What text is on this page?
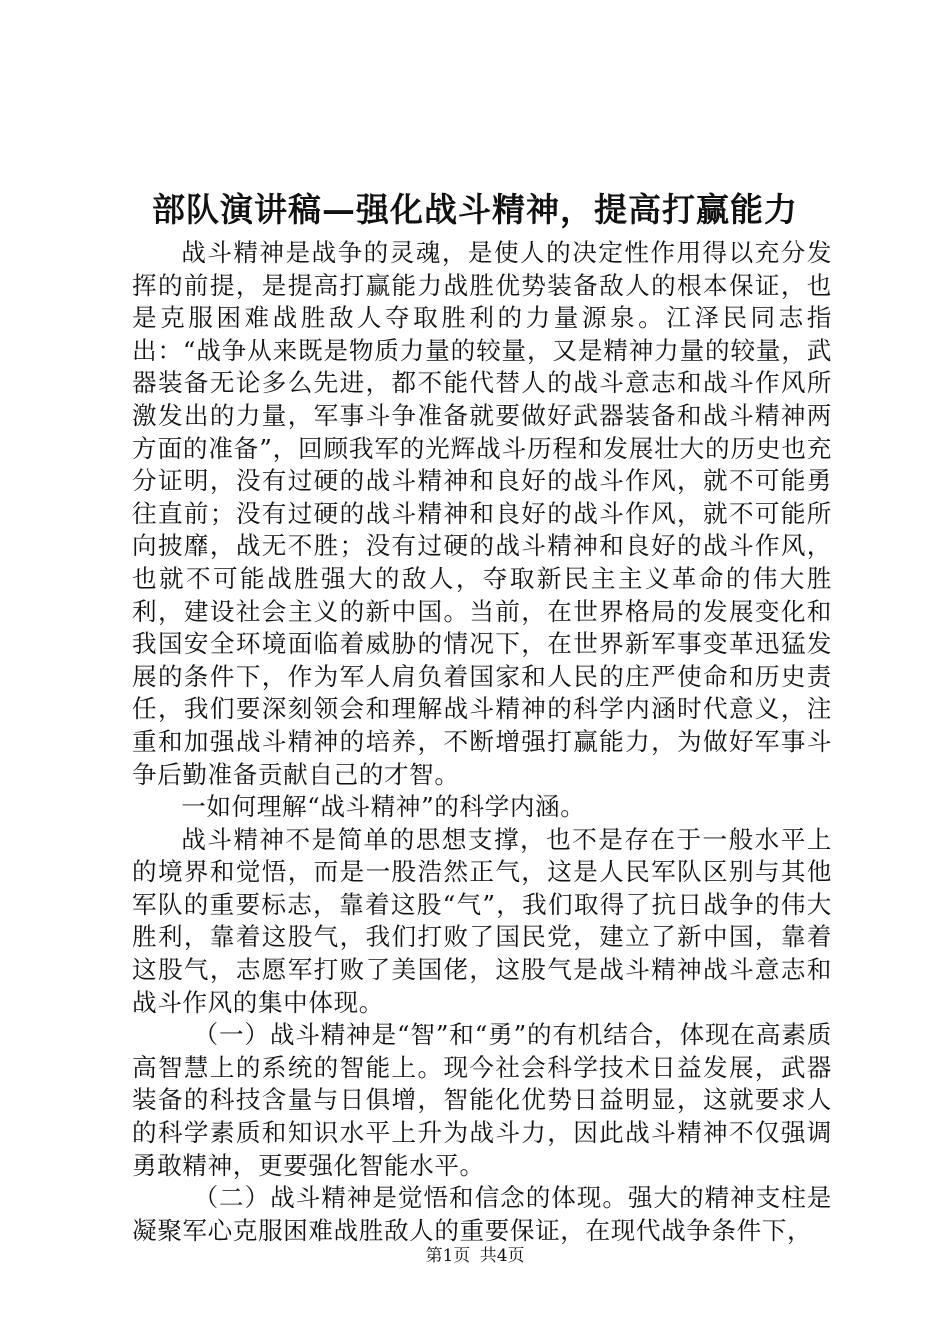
部队演讲稿—强化战斗精神，提高打赢能力

战斗精神是战争的灵魂，是使人的决定性作用得以充分发挥的前提，是提高打赢能力战胜优势装备敌人的根本保证，也是克服困难战胜敌人夺取胜利的力量源泉。江泽民同志指出：“战争从来既是物质力量的较量，又是精神力量的较量，武器装备无论多么先进，都不能代替人的战斗意志和战斗作风所激发出的力量，军事斗争准备就要做好武器装备和战斗精神两方面的准备”，回顾我军的光辉战斗历程和发展壮大的历史也充分证明，没有过硬的战斗精神和良好的战斗作风，就不可能勇往直前；没有过硬的战斗精神和良好的战斗作风，就不可能所向披靡，战无不胜；没有过硬的战斗精神和良好的战斗作风，也就不可能战胜强大的敌人，夺取新民主主义革命的伟大胜利，建设社会主义的新中国。当前，在世界格局的发展变化和我国安全环境面临着威胁的情况下，在世界新军事变革迅猛发展的条件下，作为军人肩负着国家和人民的庄严使命和历史责任，我们要深刻领会和理解战斗精神的科学内涵时代意义，注重和加强战斗精神的培养，不断增强打赢能力，为做好军事斗争后勤准备贡献自己的才智。

一如何理解“战斗精神”的科学内涵。

战斗精神不是简单的思想支撑，也不是存在于一般水平上的境界和觉悟，而是一股浩然正气，这是人民军队区别与其他军队的重要标志，靠着这股“气”，我们取得了抗日战争的伟大胜利，靠着这股气，我们打败了国民党，建立了新中国，靠着这股气，志愿军打败了美国佬，这股气是战斗精神战斗意志和战斗作风的集中体现。

（一）战斗精神是“智”和“勇”的有机结合，体现在高素质高智慧上的系统的智能上。现今社会科学技术日益发展，武器装备的科技含量与日俱增，智能化优势日益明显，这就要求人的科学素质和知识水平上升为战斗力，因此战斗精神不仅强调勇敢精神，更要强化智能水平。

（二）战斗精神是觉悟和信念的体现。强大的精神支柱是凝聚军心克服困难战胜敌人的重要保证，在现代战争条件下，

第1页 共4页
